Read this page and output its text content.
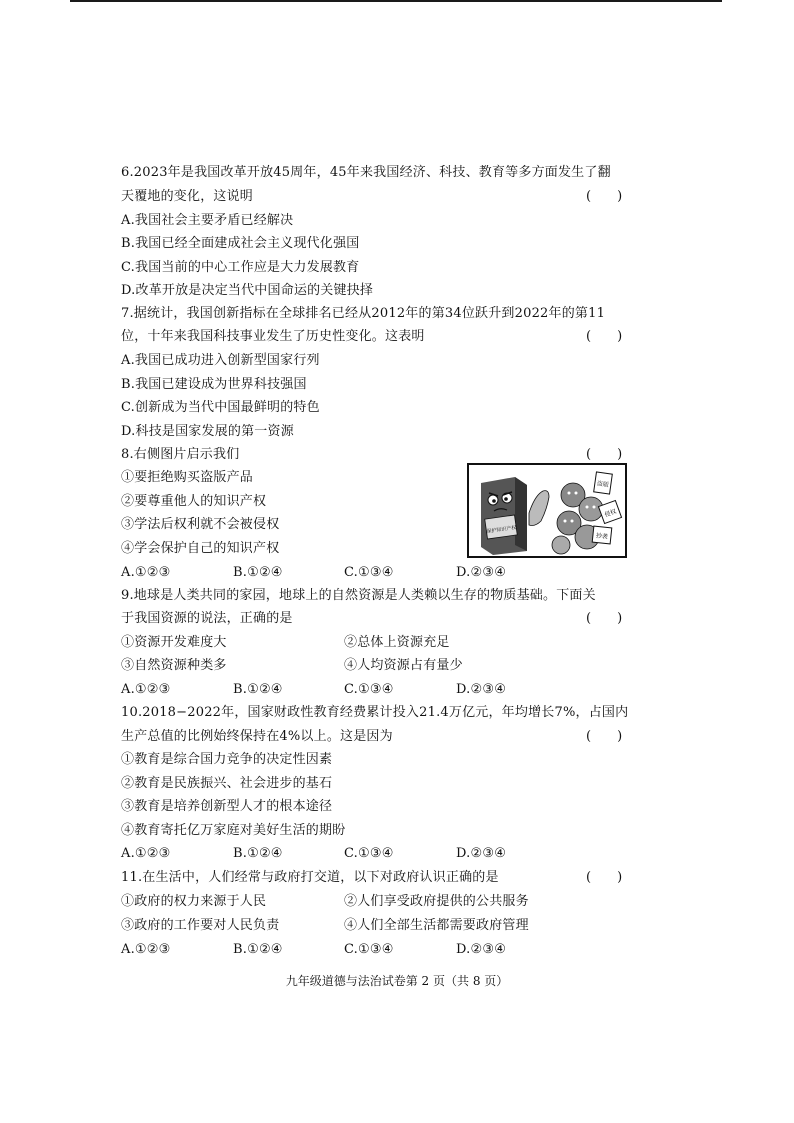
6.2023年是我国改革开放45周年，45年来我国经济、科技、教育等多方面发生了翻
天覆地的变化，这说明	(　　)
A.我国社会主要矛盾已经解决
B.我国已经全面建成社会主义现代化强国
C.我国当前的中心工作应是大力发展教育
D.改革开放是决定当代中国命运的关键抉择
7.据统计，我国创新指标在全球排名已经从2012年的第34位跃升到2022年的第11
位，十年来我国科技事业发生了历史性变化。这表明	(　　)
A.我国已成功进入创新型国家行列
B.我国已建设成为世界科技强国
C.创新成为当代中国最鲜明的特色
D.科技是国家发展的第一资源
8.右侧图片启示我们	(　　)
①要拒绝购买盗版产品
②要尊重他人的知识产权
③学法后权利就不会被侵权
④学会保护自己的知识产权
A.①②③	B.①②④	C.①③④	D.②③④
保护知识产权
盗版
侵权
抄袭
9.地球是人类共同的家园，地球上的自然资源是人类赖以生存的物质基础。下面关
于我国资源的说法，正确的是	(　　)
①资源开发难度大	②总体上资源充足
③自然资源种类多	④人均资源占有量少
A.①②③	B.①②④	C.①③④	D.②③④
10.2018−2022年，国家财政性教育经费累计投入21.4万亿元，年均增长7%，占国内
生产总值的比例始终保持在4%以上。这是因为	(　　)
①教育是综合国力竞争的决定性因素
②教育是民族振兴、社会进步的基石
③教育是培养创新型人才的根本途径
④教育寄托亿万家庭对美好生活的期盼
A.①②③	B.①②④	C.①③④	D.②③④
11.在生活中，人们经常与政府打交道，以下对政府认识正确的是	(　　)
①政府的权力来源于人民	②人们享受政府提供的公共服务
③政府的工作要对人民负责	④人们全部生活都需要政府管理
A.①②③	B.①②④	C.①③④	D.②③④
九年级道德与法治试卷第 2 页（共 8 页）
